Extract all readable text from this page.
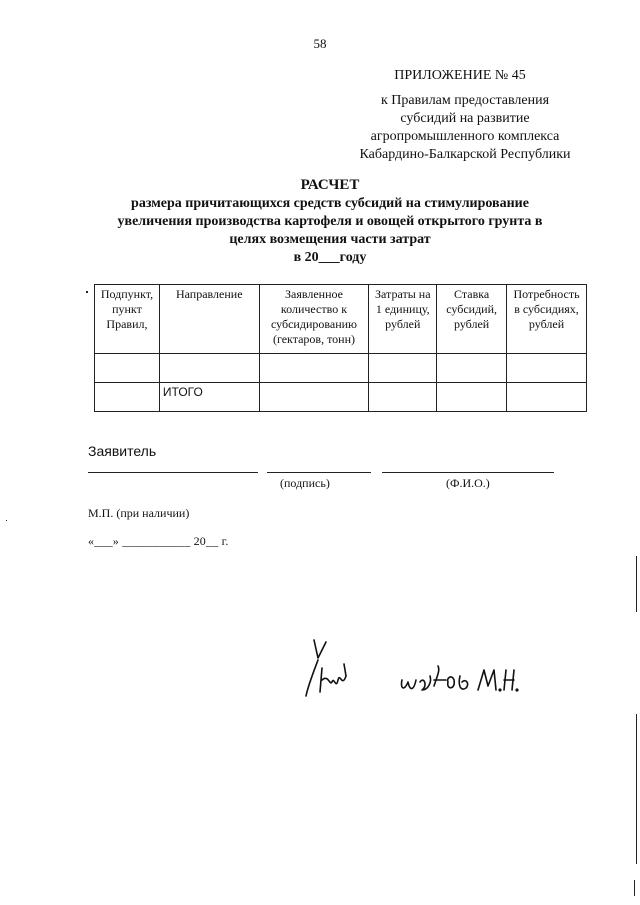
58
ПРИЛОЖЕНИЕ № 45
к Правилам предоставления
субсидий на развитие
агропромышленного комплекса
Кабардино-Балкарской Республики
РАСЧЕТ
размера причитающихся средств субсидий на стимулирование
увеличения производства картофеля и овощей открытого грунта в
целях возмещения части затрат
в 20___году
Подпункт, пункт Правил,	Направление	Заявленное количество к субсидированию (гектаров, тонн)	Затраты на 1 единицу, рублей	Ставка субсидий, рублей	Потребность в субсидиях, рублей

	ИТОГО				
Заявитель
(подпись)	(Ф.И.О.)
М.П. (при наличии)
«___» ___________ 20__ г.
